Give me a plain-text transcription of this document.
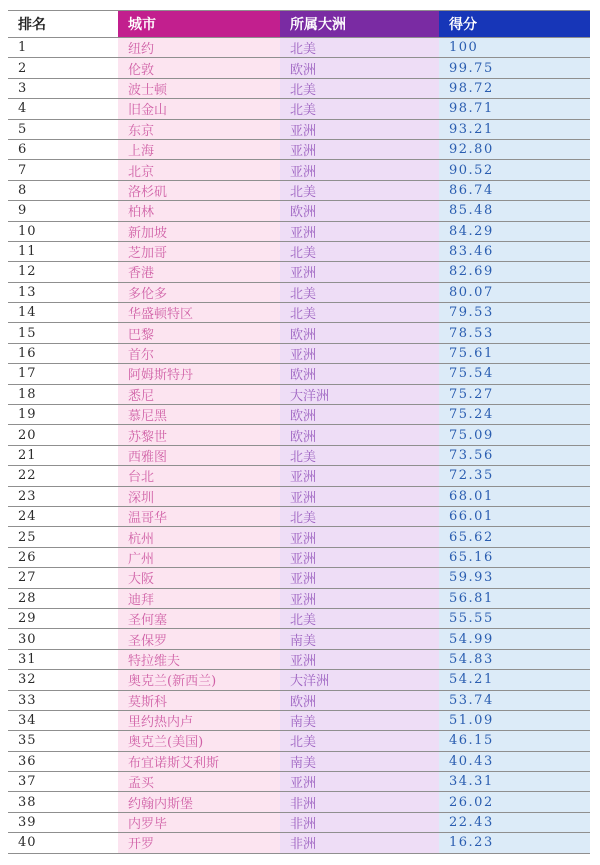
排名	城市	所属大洲	得分
1	纽约	北美	100
2	伦敦	欧洲	99.75
3	波士顿	北美	98.72
4	旧金山	北美	98.71
5	东京	亚洲	93.21
6	上海	亚洲	92.80
7	北京	亚洲	90.52
8	洛杉矶	北美	86.74
9	柏林	欧洲	85.48
10	新加坡	亚洲	84.29
11	芝加哥	北美	83.46
12	香港	亚洲	82.69
13	多伦多	北美	80.07
14	华盛顿特区	北美	79.53
15	巴黎	欧洲	78.53
16	首尔	亚洲	75.61
17	阿姆斯特丹	欧洲	75.54
18	悉尼	大洋洲	75.27
19	慕尼黑	欧洲	75.24
20	苏黎世	欧洲	75.09
21	西雅图	北美	73.56
22	台北	亚洲	72.35
23	深圳	亚洲	68.01
24	温哥华	北美	66.01
25	杭州	亚洲	65.62
26	广州	亚洲	65.16
27	大阪	亚洲	59.93
28	迪拜	亚洲	56.81
29	圣何塞	北美	55.55
30	圣保罗	南美	54.99
31	特拉维夫	亚洲	54.83
32	奥克兰(新西兰)	大洋洲	54.21
33	莫斯科	欧洲	53.74
34	里约热内卢	南美	51.09
35	奥克兰(美国)	北美	46.15
36	布宜诺斯艾利斯	南美	40.43
37	孟买	亚洲	34.31
38	约翰内斯堡	非洲	26.02
39	内罗毕	非洲	22.43
40	开罗	非洲	16.23
